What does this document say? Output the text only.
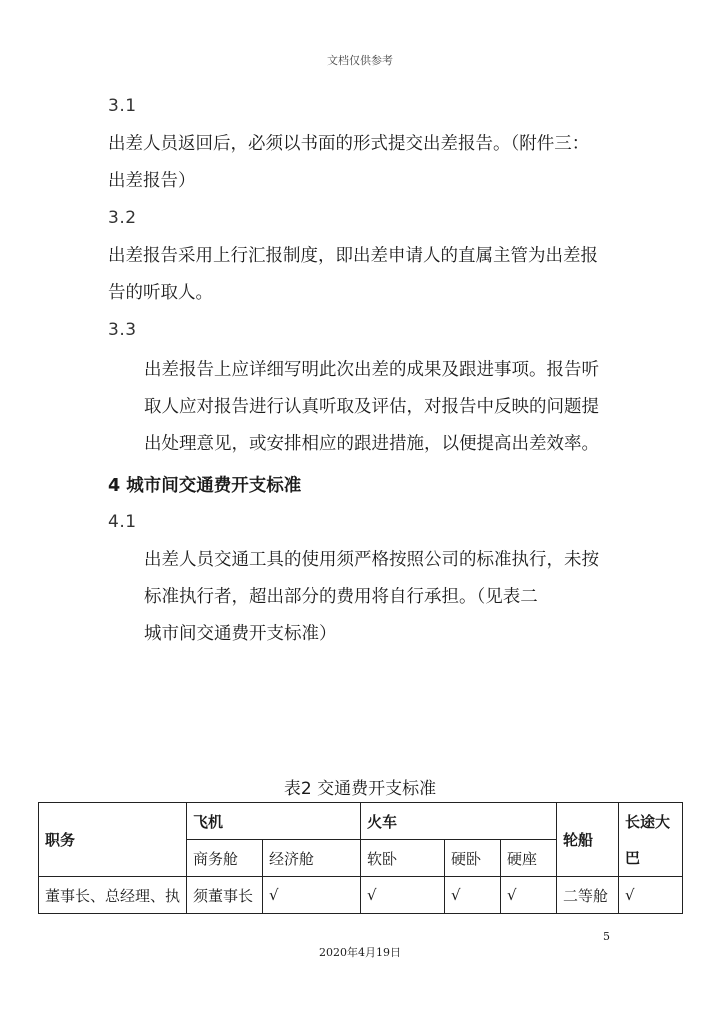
文档仅供参考
3.1
出差人员返回后，必须以书面的形式提交出差报告。（附件三：
出差报告）
3.2
出差报告采用上行汇报制度，即出差申请人的直属主管为出差报
告的听取人。
3.3
出差报告上应详细写明此次出差的成果及跟进事项。报告听
取人应对报告进行认真听取及评估，对报告中反映的问题提
出处理意见，或安排相应的跟进措施，以便提高出差效率。
4 城市间交通费开支标准
4.1
出差人员交通工具的使用须严格按照公司的标准执行，未按
标准执行者，超出部分的费用将自行承担。（见表二
城市间交通费开支标准）
表2 交通费开支标准
职务	飞机		火车			轮船	长途大
巴
	商务舱	经济舱	软卧	硬卧	硬座		
董事长、总经理、执	须董事长	√	√	√	√	二等舱	√
5
2020年4月19日
